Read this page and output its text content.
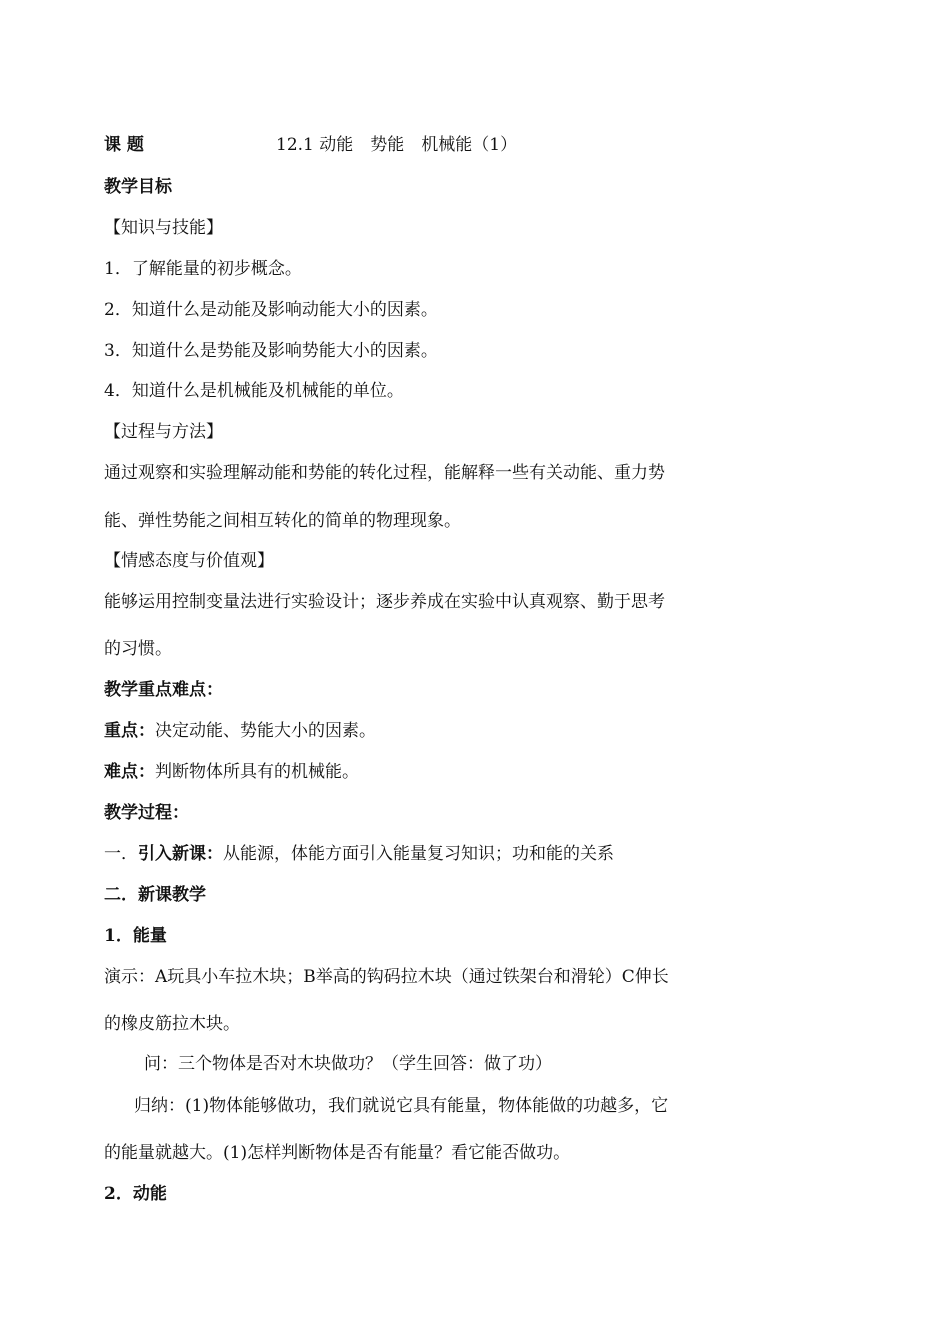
课 题	12.1 动能　势能　机械能（1）
教学目标
【知识与技能】
1．了解能量的初步概念。
2．知道什么是动能及影响动能大小的因素。
3．知道什么是势能及影响势能大小的因素。
4．知道什么是机械能及机械能的单位。
【过程与方法】
通过观察和实验理解动能和势能的转化过程，能解释一些有关动能、重力势
能、弹性势能之间相互转化的简单的物理现象。
【情感态度与价值观】
能够运用控制变量法进行实验设计；逐步养成在实验中认真观察、勤于思考
的习惯。
教学重点难点：
重点：决定动能、势能大小的因素。
难点：判断物体所具有的机械能。
教学过程：
一．引入新课：从能源，体能方面引入能量复习知识；功和能的关系
二．新课教学
1．能量
演示：A玩具小车拉木块；B举高的钩码拉木块（通过铁架台和滑轮）C伸长
的橡皮筋拉木块。
问：三个物体是否对木块做功？（学生回答：做了功）
归纳：(1)物体能够做功，我们就说它具有能量，物体能做的功越多，它
的能量就越大。(1)怎样判断物体是否有能量？看它能否做功。
2．动能
